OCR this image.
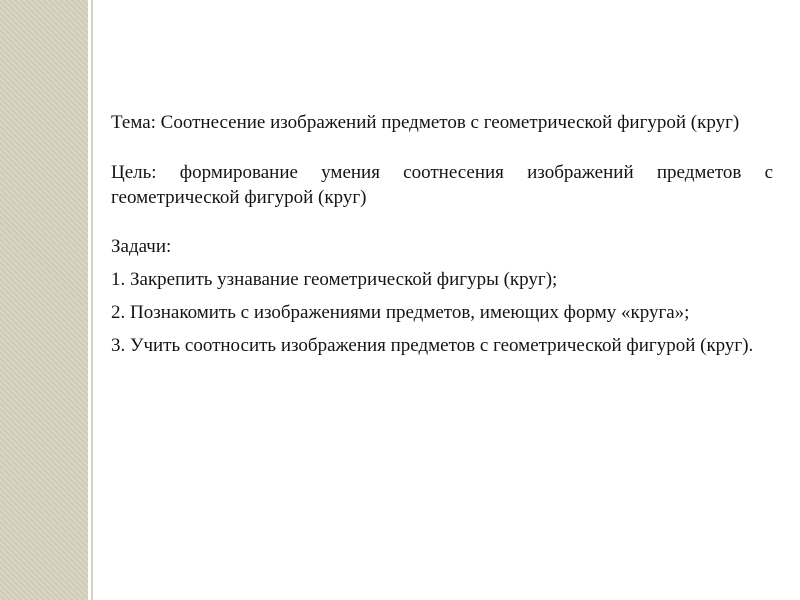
Тема: Соотнесение изображений предметов с геометрической фигурой (круг)

Цель: формирование умения соотнесения изображений предметов с геометрической фигурой (круг)

Задачи:

1. Закрепить узнавание геометрической фигуры (круг);

2. Познакомить с изображениями предметов, имеющих форму «круга»;

3. Учить соотносить изображения предметов с геометрической фигурой (круг).
